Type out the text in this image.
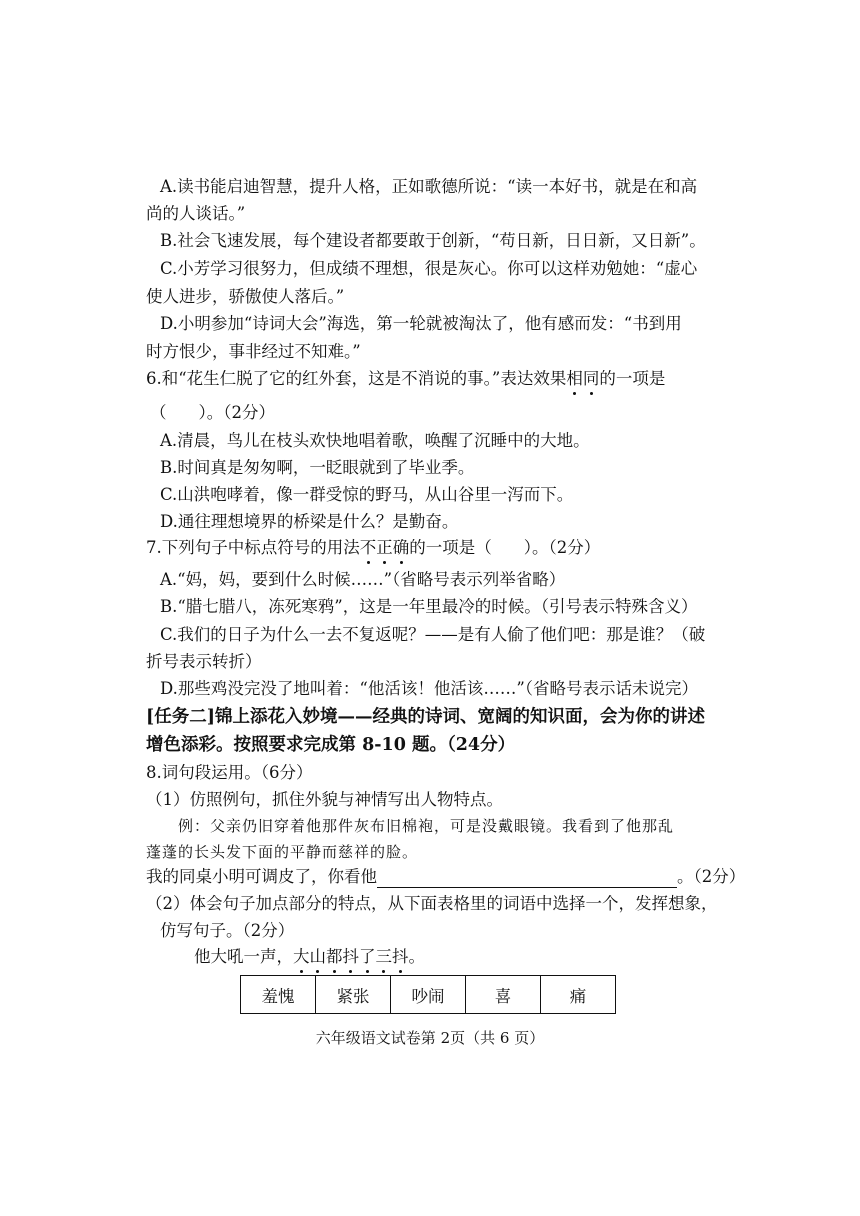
A.读书能启迪智慧，提升人格，正如歌德所说：“读一本好书，就是在和高
尚的人谈话。”
B.社会飞速发展，每个建设者都要敢于创新，“苟日新，日日新，又日新”。
C.小芳学习很努力，但成绩不理想，很是灰心。你可以这样劝勉她：“虚心
使人进步，骄傲使人落后。”
D.小明参加“诗词大会”海选，第一轮就被淘汰了，他有感而发：“书到用
时方恨少，事非经过不知难。”
6.和“花生仁脱了它的红外套，这是不消说的事。”表达效果相同的一项是
（ ）。（2分）
A.清晨，鸟儿在枝头欢快地唱着歌，唤醒了沉睡中的大地。
B.时间真是匆匆啊，一眨眼就到了毕业季。
C.山洪咆哮着，像一群受惊的野马，从山谷里一泻而下。
D.通往理想境界的桥梁是什么？是勤奋。
7.下列句子中标点符号的用法不正确的一项是（ ）。（2分）
A.“妈，妈，要到什么时候……”（省略号表示列举省略）
B.“腊七腊八，冻死寒鸦”，这是一年里最冷的时候。（引号表示特殊含义）
C.我们的日子为什么一去不复返呢？——是有人偷了他们吧：那是谁？（破
折号表示转折）
D.那些鸡没完没了地叫着：“他活该！他活该……”（省略号表示话未说完）
[任务二]锦上添花入妙境——经典的诗词、宽阔的知识面，会为你的讲述
增色添彩。按照要求完成第 8-10 题。（24分）
8.词句段运用。（6分）
（1）仿照例句，抓住外貌与神情写出人物特点。
例：父亲仍旧穿着他那件灰布旧棉袍，可是没戴眼镜。我看到了他那乱
蓬蓬的长头发下面的平静而慈祥的脸。
我的同桌小明可调皮了，你看他	。（2分）
（2）体会句子加点部分的特点，从下面表格里的词语中选择一个，发挥想象，
仿写句子。（2分）
他大吼一声，大山都抖了三抖。
羞愧	紧张	吵闹	喜	痛
六年级语文试卷第 2页（共 6 页）
